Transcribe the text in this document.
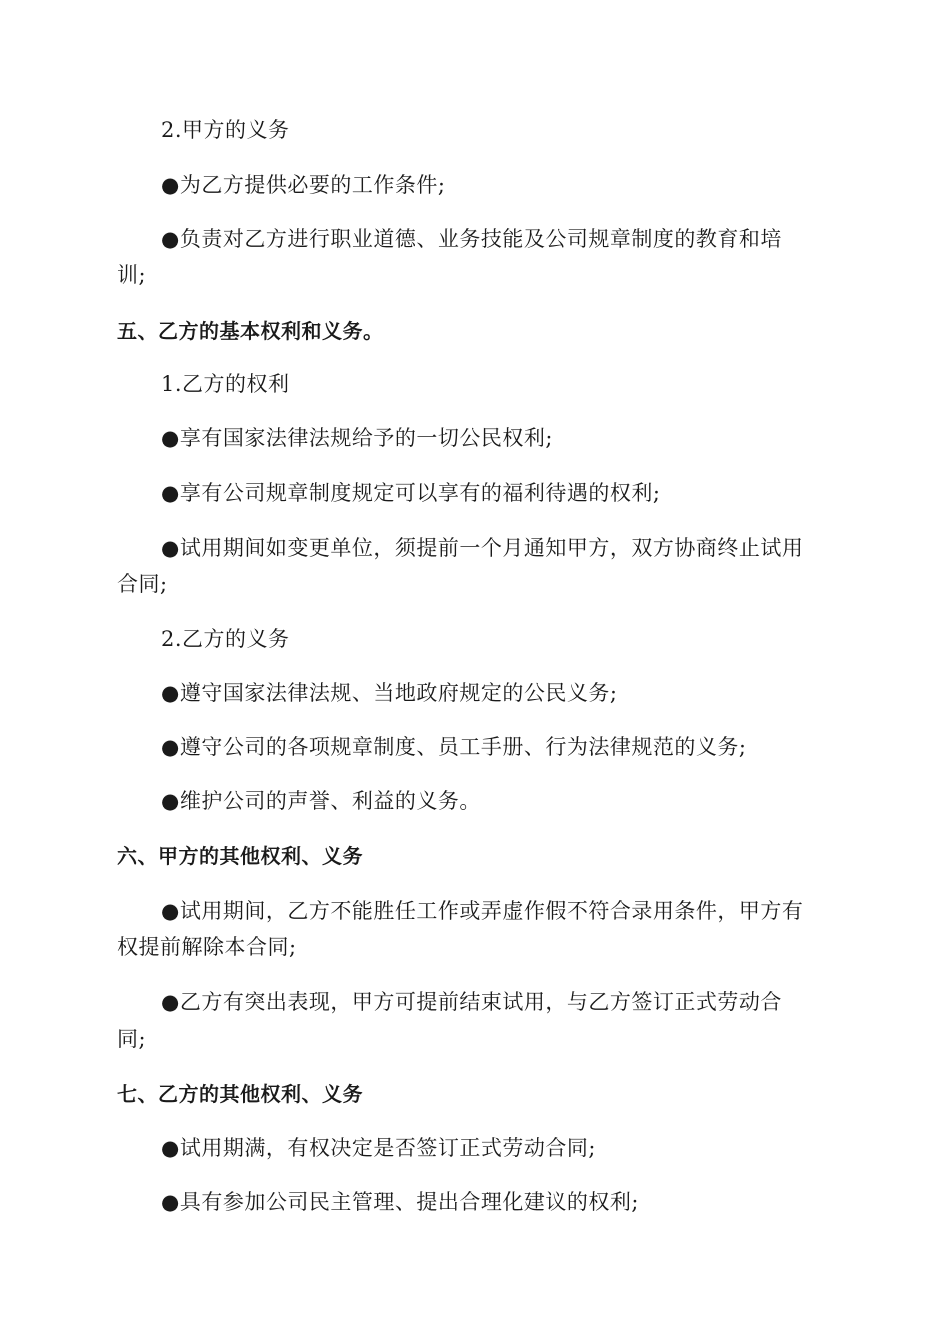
2.甲方的义务
●为乙方提供必要的工作条件;
●负责对乙方进行职业道德、业务技能及公司规章制度的教育和培
训;
五、乙方的基本权利和义务。
1.乙方的权利
●享有国家法律法规给予的一切公民权利;
●享有公司规章制度规定可以享有的福利待遇的权利;
●试用期间如变更单位，须提前一个月通知甲方，双方协商终止试用
合同;
2.乙方的义务
●遵守国家法律法规、当地政府规定的公民义务;
●遵守公司的各项规章制度、员工手册、行为法律规范的义务;
●维护公司的声誉、利益的义务。
六、甲方的其他权利、义务
●试用期间，乙方不能胜任工作或弄虚作假不符合录用条件，甲方有
权提前解除本合同;
●乙方有突出表现，甲方可提前结束试用，与乙方签订正式劳动合
同;
七、乙方的其他权利、义务
●试用期满，有权决定是否签订正式劳动合同;
●具有参加公司民主管理、提出合理化建议的权利;
